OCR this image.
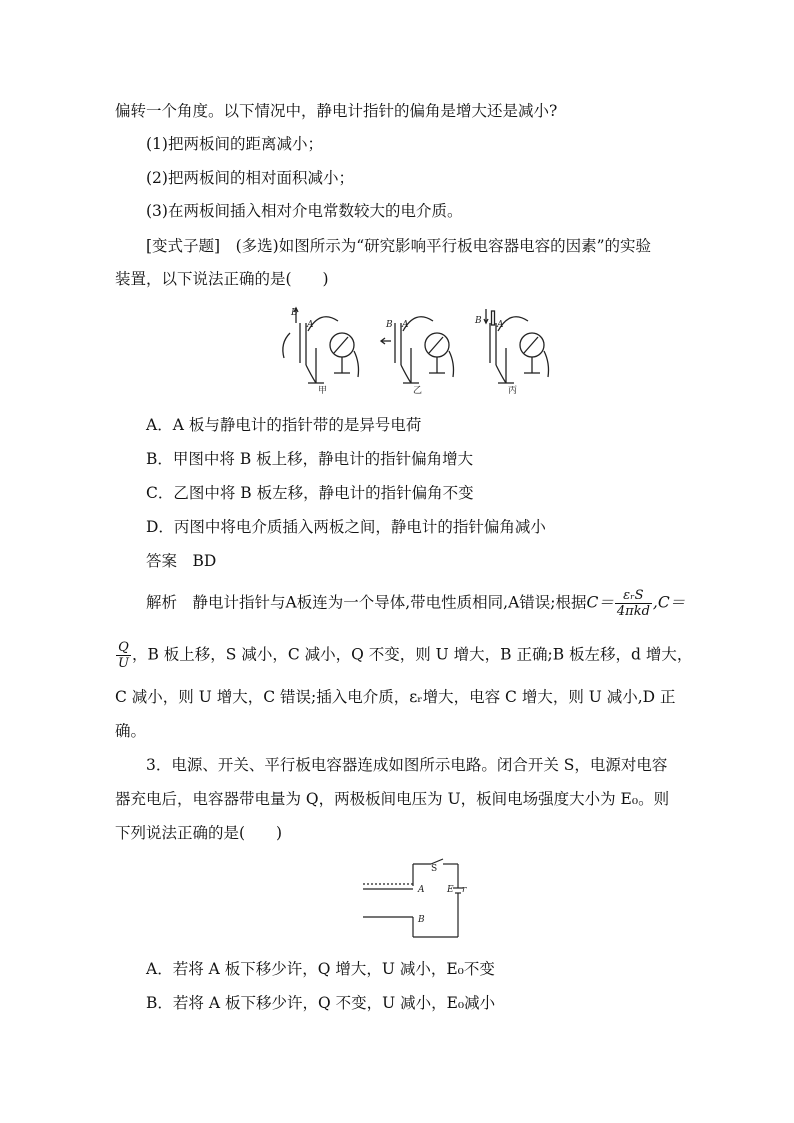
偏转一个角度。以下情况中，静电计指针的偏角是增大还是减小?
(1)把两板间的距离减小；
(2)把两板间的相对面积减小；
(3)在两板间插入相对介电常数较大的电介质。
[变式子题]　(多选)如图所示为“研究影响平行板电容器电容的因素”的实验
装置，以下说法正确的是(　　)
B
A	B A	B A
甲	乙	丙
A．A 板与静电计的指针带的是异号电荷
B．甲图中将 B 板上移，静电计的指针偏角增大
C．乙图中将 B 板左移，静电计的指针偏角不变
D．丙图中将电介质插入两板之间，静电计的指针偏角减小
答案　 BD
解析　 静电计指针与A板连为一个导体,带电性质相同,A错误;根据$C= \frac{\text{εᵣS}}{\text{4πkd}} ,C=$
$\frac{Q}{U}$ ，B 板上移，S 减小，C 减小，Q 不变，则 U 增大，B 正确;B 板左移，d 增大，
C 减小，则 U 增大，C 错误;插入电介质，εᵣ增大，电容 C 增大，则 U 减小,D 正
确。
3．电源、开关、平行板电容器连成如图所示电路。闭合开关 S，电源对电容
器充电后，电容器带电量为 Q，两极板间电压为 U，板间电场强度大小为 E₀。则
下列说法正确的是(　　)
S
A
B
E r
A．若将 A 板下移少许，Q 增大，U 减小，E₀不变
B．若将 A 板下移少许，Q 不变，U 减小，E₀减小
